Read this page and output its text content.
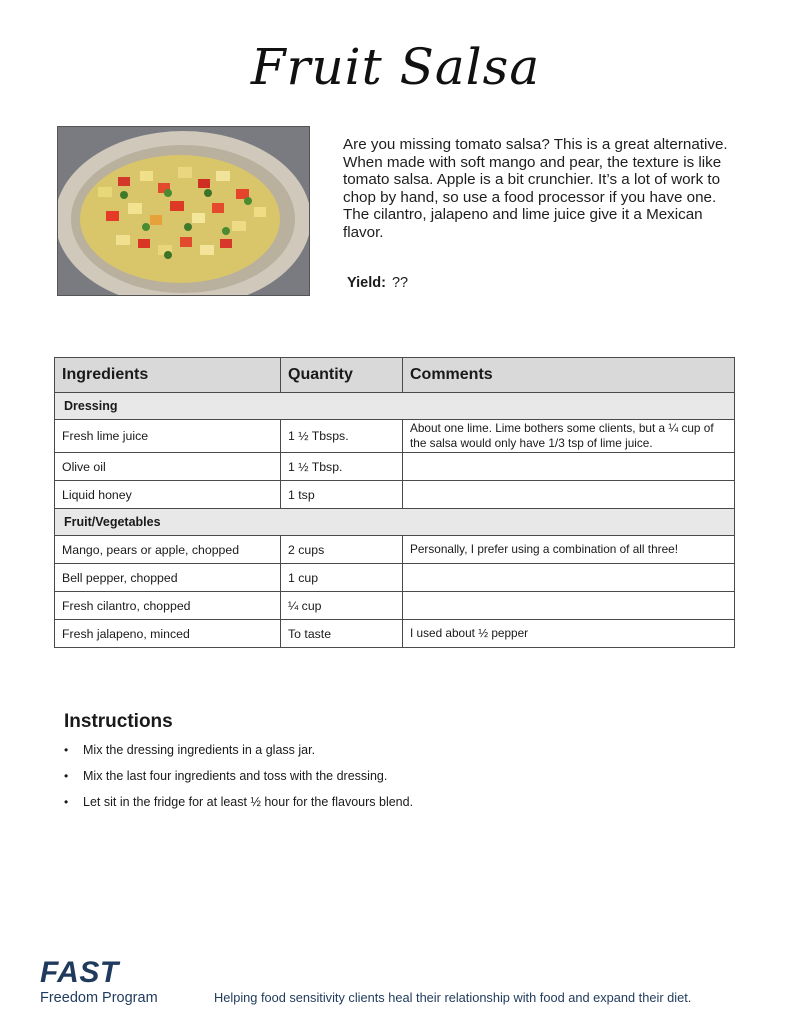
Fruit Salsa
Are you missing tomato salsa? This is a great alternative. When made with soft mango and pear, the texture is like tomato salsa. Apple is a bit crunchier. It’s a lot of work to chop by hand, so use a food processor if you have one. The cilantro, jalapeno and lime juice give it a Mexican flavor.
Yield: ??
Ingredients	Quantity	Comments
Dressing		
Fresh lime juice	1 ½ Tbsps.	About one lime. Lime bothers some clients, but a ¼ cup of the salsa would only have 1/3 tsp of lime juice.
Olive oil	1 ½ Tbsp.	
Liquid honey	1 tsp	
Fruit/Vegetables		
Mango, pears or apple, chopped	2 cups	Personally, I prefer using a combination of all three!
Bell pepper, chopped	1 cup	
Fresh cilantro, chopped	¼ cup	
Fresh jalapeno, minced	To taste	I used about ½ pepper
Instructions
• Mix the dressing ingredients in a glass jar.
• Mix the last four ingredients and toss with the dressing.
• Let sit in the fridge for at least ½ hour for the flavours blend.
FAST
Freedom Program	Helping food sensitivity clients heal their relationship with food and expand their diet.
